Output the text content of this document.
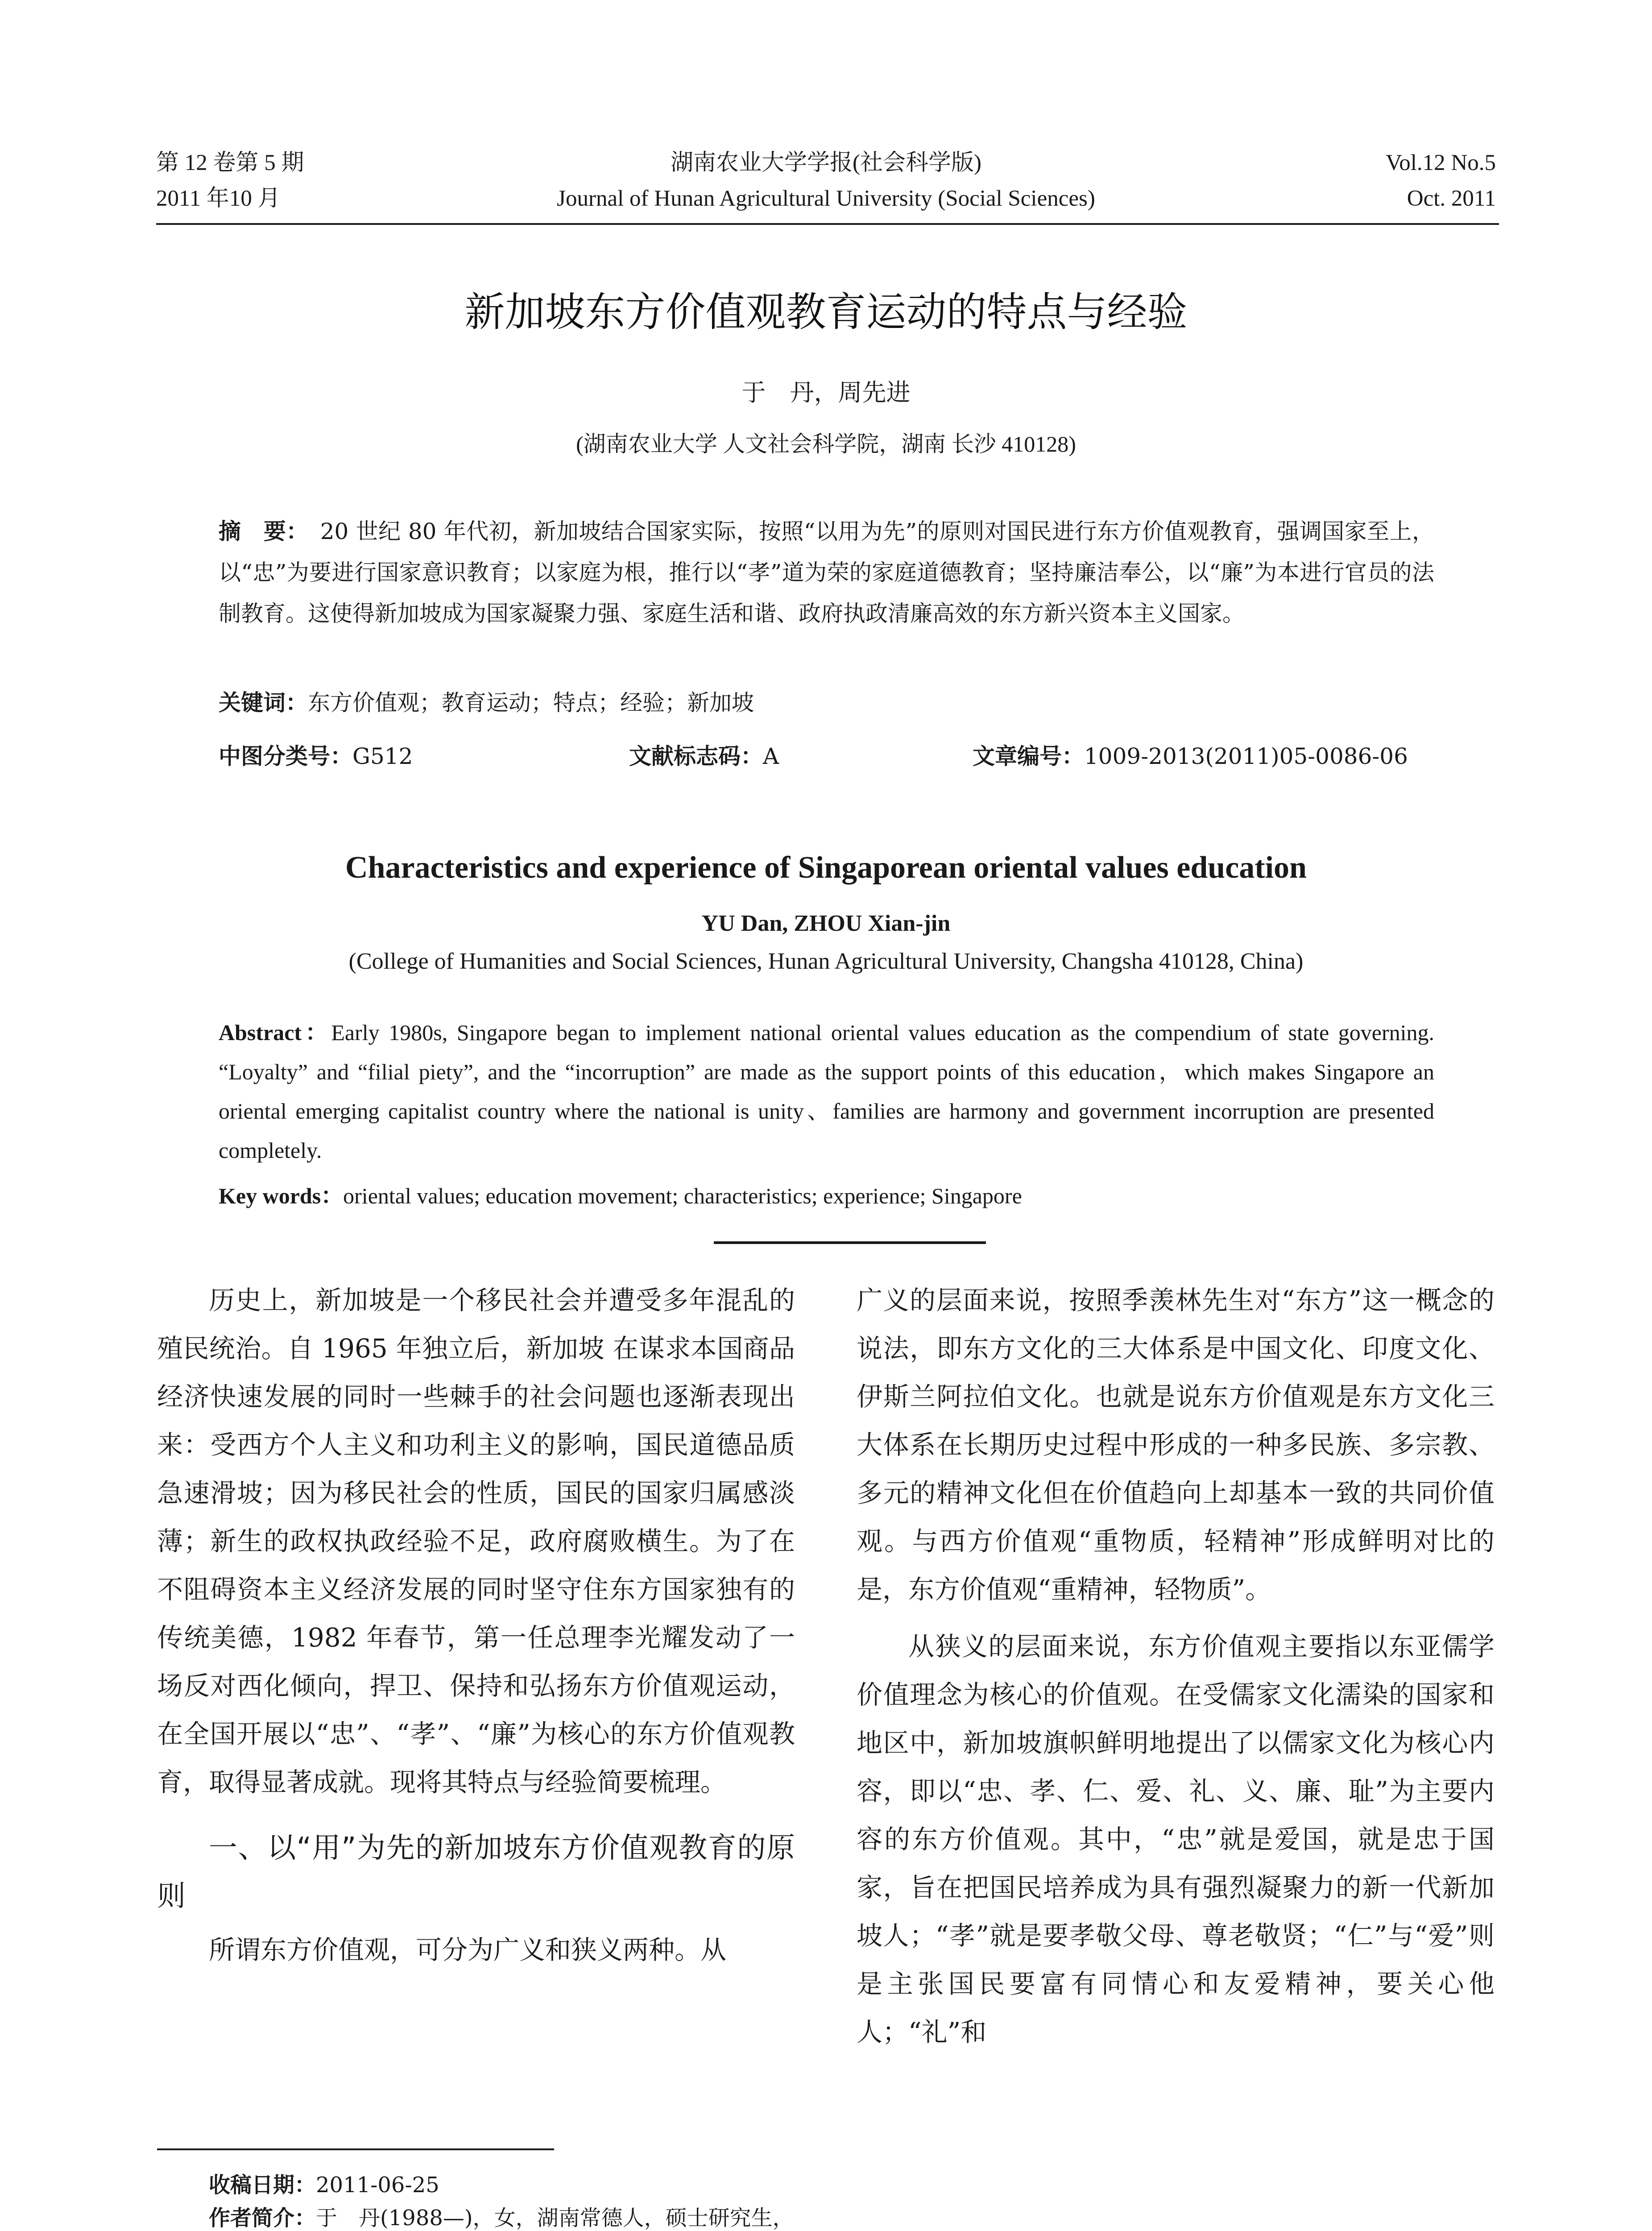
第 12 卷第 5 期
2011 年10 月
湖南农业大学学报(社会科学版)
Journal of Hunan Agricultural University (Social Sciences)
Vol.12 No.5
Oct. 2011
新加坡东方价值观教育运动的特点与经验
于　丹，周先进
(湖南农业大学 人文社会科学院，湖南 长沙 410128)
摘　要： 20 世纪 80 年代初，新加坡结合国家实际，按照“以用为先”的原则对国民进行东方价值观教育，强调国家至上，以“忠”为要进行国家意识教育；以家庭为根，推行以“孝”道为荣的家庭道德教育；坚持廉洁奉公，以“廉”为本进行官员的法制教育。这使得新加坡成为国家凝聚力强、家庭生活和谐、政府执政清廉高效的东方新兴资本主义国家。
关键词：东方价值观；教育运动；特点；经验；新加坡
中图分类号：G512	文献标志码：A	文章编号：1009-2013(2011)05-0086-06
Characteristics and experience of Singaporean oriental values education
YU Dan, ZHOU Xian-jin
(College of Humanities and Social Sciences, Hunan Agricultural University, Changsha 410128, China)
Abstract：Early 1980s, Singapore began to implement national oriental values education as the compendium of state governing. “Loyalty” and “filial piety”, and the “incorruption” are made as the support points of this education，which makes Singapore an oriental emerging capitalist country where the national is unity、families are harmony and government incorruption are presented completely.
Key words：oriental values; education movement; characteristics; experience; Singapore

历史上，新加坡是一个移民社会并遭受多年混乱的殖民统治。自 1965 年独立后，新加坡 在谋求本国商品经济快速发展的同时一些棘手的社会问题也逐渐表现出来：受西方个人主义和功利主义的影响，国民道德品质急速滑坡；因为移民社会的性质，国民的国家归属感淡薄；新生的政权执政经验不足，政府腐败横生。为了在不阻碍资本主义经济发展的同时坚守住东方国家独有的传统美德，1982 年春节，第一任总理李光耀发动了一场反对西化倾向，捍卫、保持和弘扬东方价值观运动，在全国开展以“忠”、“孝”、“廉”为核心的东方价值观教育，取得显著成就。现将其特点与经验简要梳理。

一、以“用”为先的新加坡东方价值观教育的原则

所谓东方价值观，可分为广义和狭义两种。从

广义的层面来说，按照季羡林先生对“东方”这一概念的说法，即东方文化的三大体系是中国文化、印度文化、伊斯兰阿拉伯文化。也就是说东方价值观是东方文化三大体系在长期历史过程中形成的一种多民族、多宗教、多元的精神文化但在价值趋向上却基本一致的共同价值观。与西方价值观“重物质，轻精神”形成鲜明对比的是，东方价值观“重精神，轻物质”。

从狭义的层面来说，东方价值观主要指以东亚儒学价值理念为核心的价值观。在受儒家文化濡染的国家和地区中，新加坡旗帜鲜明地提出了以儒家文化为核心内容，即以“忠、孝、仁、爱、礼、义、廉、耻”为主要内容的东方价值观。其中，“忠”就是爱国，就是忠于国家，旨在把国民培养成为具有强烈凝聚力的新一代新加坡人；“孝”就是要孝敬父母、尊老敬贤；“仁”与“爱”则是主张国民要富有同情心和友爱精神，要关心他人；“礼”和

收稿日期：2011-06-25
作者简介：于　丹(1988—)，女，湖南常德人，硕士研究生，
